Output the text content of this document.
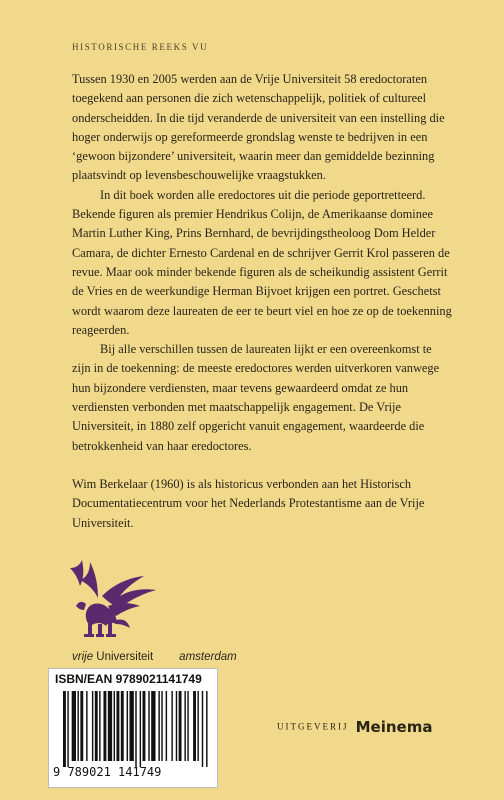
HISTORISCHE REEKS VU

Tussen 1930 en 2005 werden aan de Vrije Universiteit 58 eredoctoraten toegekend aan personen die zich wetenschappelijk, politiek of cultureel onderscheidden. In die tijd veranderde de universiteit van een instelling die hoger onderwijs op gereformeerde grondslag wenste te bedrijven in een ‘gewoon bijzondere’ universiteit, waarin meer dan gemiddelde bezinning plaatsvindt op levensbeschouwelijke vraagstukken.

In dit boek worden alle eredoctores uit die periode geportretteerd. Bekende figuren als premier Hendrikus Colijn, de Amerikaanse dominee Martin Luther King, Prins Bernhard, de bevrijdingstheoloog Dom Helder Camara, de dichter Ernesto Cardenal en de schrijver Gerrit Krol passeren de revue. Maar ook minder bekende figuren als de scheikundig assistent Gerrit de Vries en de weerkundige Herman Bijvoet krijgen een portret. Geschetst wordt waarom deze laureaten de eer te beurt viel en hoe ze op de toekenning reageerden.

Bij alle verschillen tussen de laureaten lijkt er een overeenkomst te zijn in de toekenning: de meeste eredoctores werden uitverkoren vanwege hun bijzondere verdiensten, maar tevens gewaardeerd omdat ze hun verdiensten verbonden met maatschappelijk engagement. De Vrije Universiteit, in 1880 zelf opgericht vanuit engagement, waardeerde die betrokkenheid van haar eredoctores.

Wim Berkelaar (1960) is als historicus verbonden aan het Historisch Documentatiecentrum voor het Nederlands Protestantisme aan de Vrije Universiteit.

vrije Universiteit amsterdam
ISBN/EAN 9789021141749
9 789021 141749
UITGEVERIJ Meinema
